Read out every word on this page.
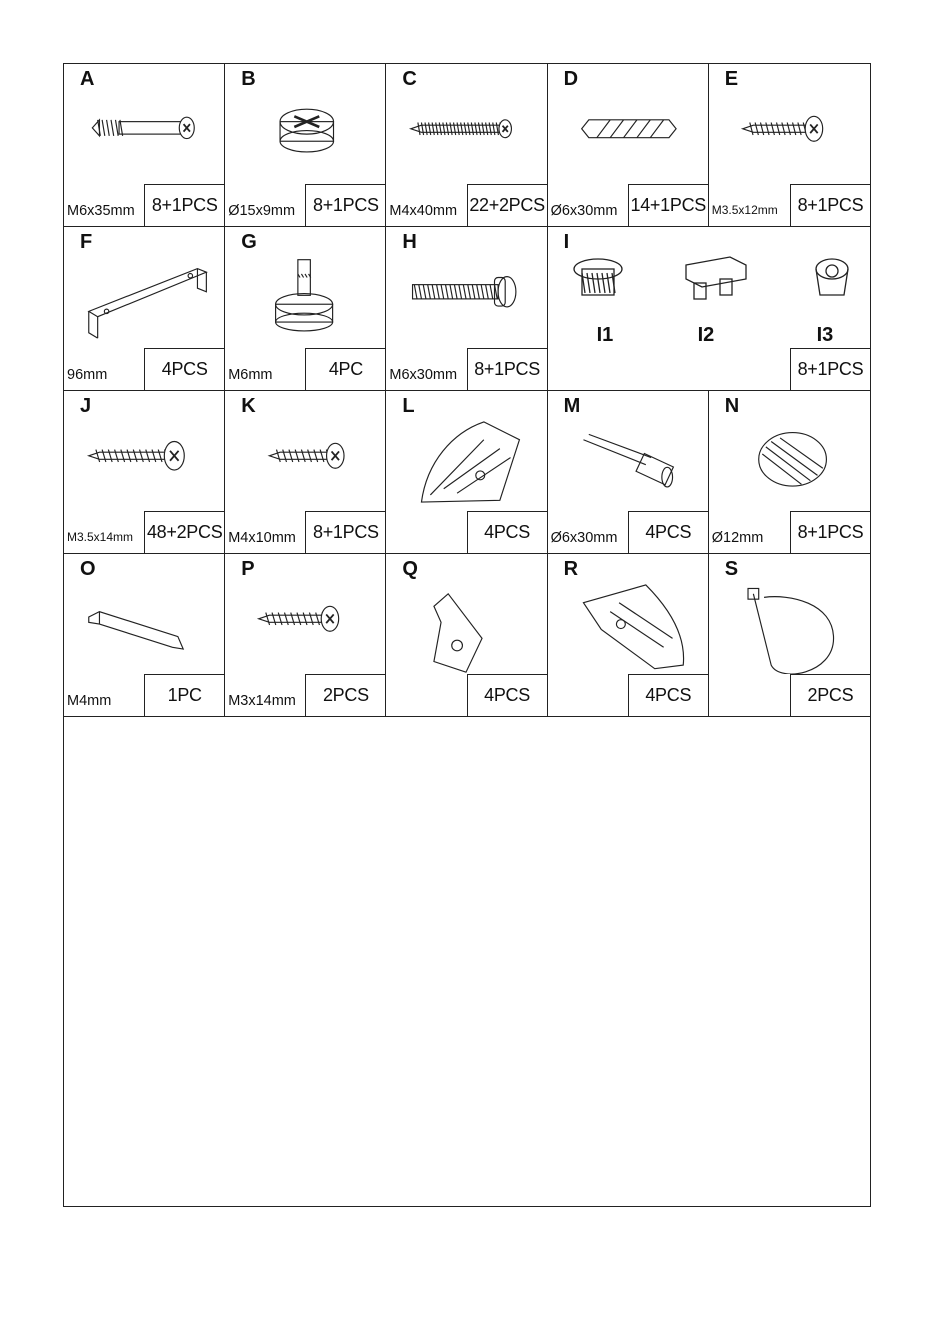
A
M6x35mm 8+1PCS
B
Ø15x9mm 8+1PCS
C
M4x40mm 22+2PCS
D
Ø6x30mm 14+1PCS
E
M3.5x12mm	8+1PCS
F
96mm	4PCS
G
M6mm	4PC
H
M6x30mm 8+1PCS
I
I1	I2	I3
8+1PCS
J
M3.5x14mm 48+2PCS
K
M4x10mm 8+1PCS
L
4PCS
M
Ø6x30mm	4PCS
N
Ø12mm	8+1PCS
O
M4mm	1PC
P
M3x14mm	2PCS
Q
4PCS
R
4PCS
S
2PCS
